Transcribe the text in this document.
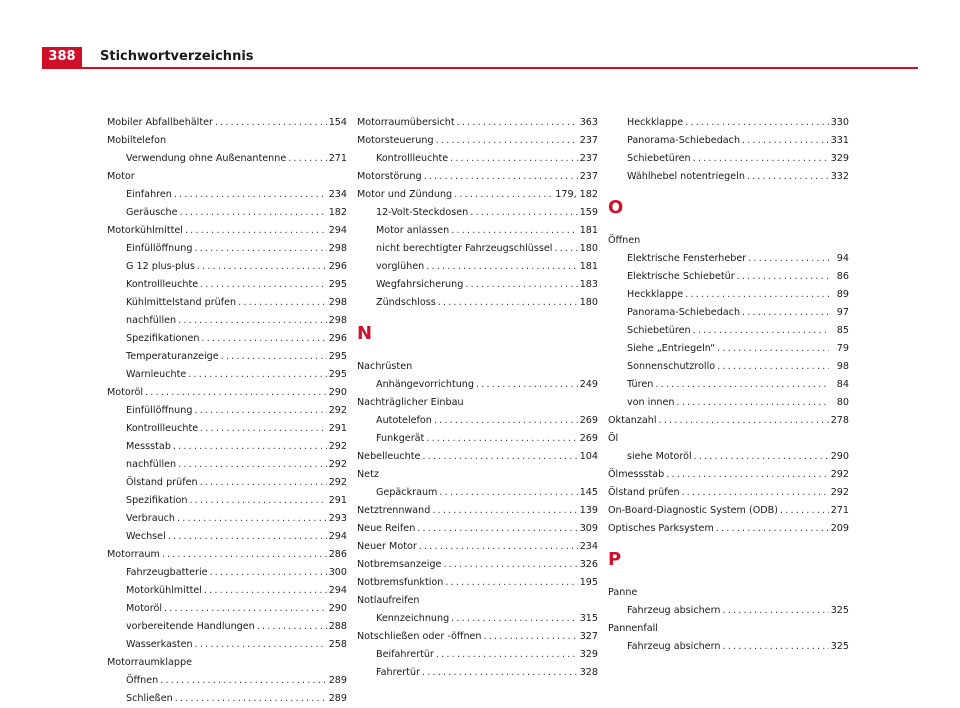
388	Stichwortverzeichnis
Mobiler Abfallbehälter .....	154
Mobiltelefon
Verwendung ohne Außenantenne .....	271
Motor
Einfahren .....	234
Geräusche .....	182
Motorkühlmittel .....	294
Einfüllöffnung .....	298
G 12 plus-plus .....	296
Kontrollleuchte .....	295
Kühlmittelstand prüfen .....	298
nachfüllen .....	298
Spezifikationen .....	296
Temperaturanzeige .....	295
Warnleuchte .....	295
Motoröl .....	290
Einfüllöffnung .....	292
Kontrollleuchte .....	291
Messstab .....	292
nachfüllen .....	292
Ölstand prüfen .....	292
Spezifikation .....	291
Verbrauch .....	293
Wechsel .....	294
Motorraum .....	286
Fahrzeugbatterie .....	300
Motorkühlmittel .....	294
Motoröl .....	290
vorbereitende Handlungen .....	288
Wasserkasten .....	258
Motorraumklappe
Öffnen .....	289
Schließen .....	289
Motorraumübersicht .....	363
Motorsteuerung .....	237
Kontrollleuchte .....	237
Motorstörung .....	237
Motor und Zündung .....	179, 182
12-Volt-Steckdosen .....	159
Motor anlassen .....	181
nicht berechtigter Fahrzeugschlüssel .....	180
vorglühen .....	181
Wegfahrsicherung .....	183
Zündschloss .....	180
N
Nachrüsten
Anhängevorrichtung .....	249
Nachträglicher Einbau
Autotelefon .....	269
Funkgerät .....	269
Nebelleuchte .....	104
Netz
Gepäckraum .....	145
Netztrennwand .....	139
Neue Reifen .....	309
Neuer Motor .....	234
Notbremsanzeige .....	326
Notbremsfunktion .....	195
Notlaufreifen
Kennzeichnung .....	315
Notschließen oder -öffnen .....	327
Beifahrertür .....	329
Fahrertür .....	328
Heckklappe .....	330
Panorama-Schiebedach .....	331
Schiebetüren .....	329
Wählhebel notentriegeln .....	332
O
Öffnen
Elektrische Fensterheber .....	94
Elektrische Schiebetür .....	86
Heckklappe .....	89
Panorama-Schiebedach .....	97
Schiebetüren .....	85
Siehe „Entriegeln“ .....	79
Sonnenschutzrollo .....	98
Türen .....	84
von innen .....	80
Oktanzahl .....	278
Öl
siehe Motoröl .....	290
Ölmessstab .....	292
Ölstand prüfen .....	292
On-Board-Diagnostic System (ODB) .....	271
Optisches Parksystem .....	209
P
Panne
Fahrzeug absichern .....	325
Pannenfall
Fahrzeug absichern .....	325
